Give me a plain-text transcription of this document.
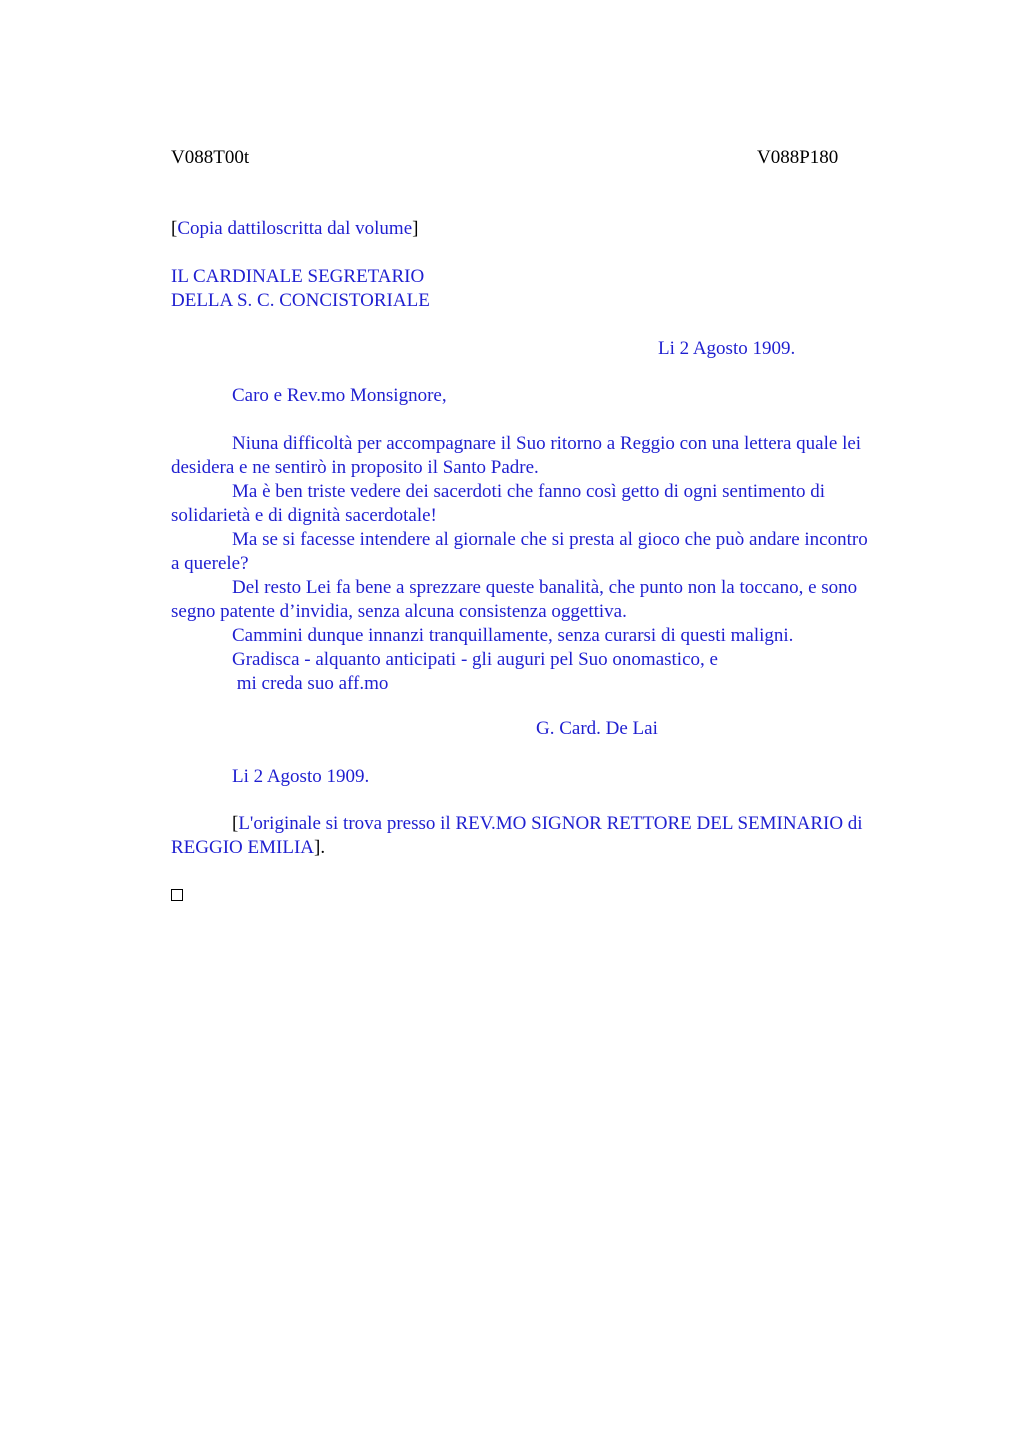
V088T00t	V088P180
[Copia dattiloscritta dal volume]
IL CARDINALE SEGRETARIO
DELLA S. C. CONCISTORIALE
Li 2 Agosto 1909.
Caro e Rev.mo Monsignore,

Niuna difficoltà per accompagnare il Suo ritorno a Reggio con una lettera quale lei
desidera e ne sentirò in proposito il Santo Padre.

Ma è ben triste vedere dei sacerdoti che fanno così getto di ogni sentimento di
solidarietà e di dignità sacerdotale!

Ma se si facesse intendere al giornale che si presta al gioco che può andare incontro
a querele?

Del resto Lei fa bene a sprezzare queste banalità, che punto non la toccano, e sono
segno patente d’invidia, senza alcuna consistenza oggettiva.

Cammini dunque innanzi tranquillamente, senza curarsi di questi maligni.

Gradisca - alquanto anticipati - gli auguri pel Suo onomastico, e

mi creda suo aff.mo

G. Card. De Lai
Li 2 Agosto 1909.
[L'originale si trova presso il REV.MO SIGNOR RETTORE DEL SEMINARIO di
REGGIO EMILIA].
